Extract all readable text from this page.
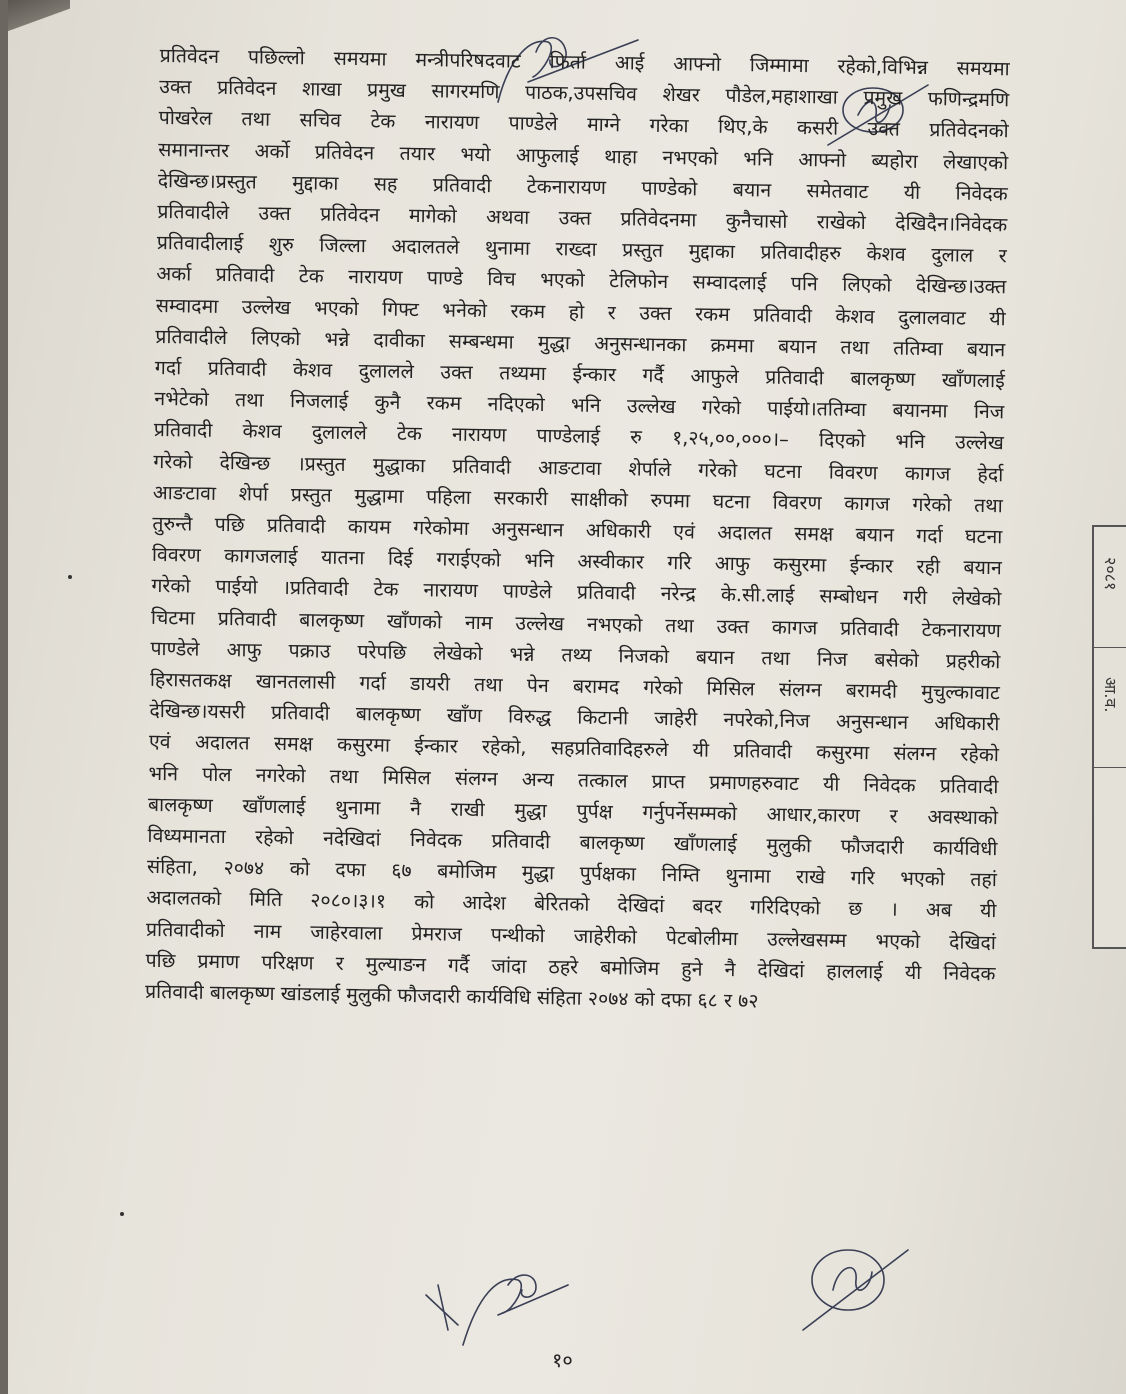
प्रतिवेदन पछिल्लो समयमा मन्त्रीपरिषदवाट फिर्ता आई आफ्नो जिम्मामा रहेको,विभिन्न समयमा
उक्त प्रतिवेदन शाखा प्रमुख सागरमणि पाठक,उपसचिव शेखर पौडेल,महाशाखा प्रमुख फणिन्द्रमणि
पोखरेल तथा सचिव टेक नारायण पाण्डेले माग्ने गरेका थिए,के कसरी उक्त प्रतिवेदनको
समानान्तर अर्को प्रतिवेदन तयार भयो आफुलाई थाहा नभएको भनि आफ्नो ब्यहोरा लेखाएको
देखिन्छ।प्रस्तुत मुद्दाका सह प्रतिवादी टेकनारायण पाण्डेको बयान समेतवाट यी निवेदक
प्रतिवादीले उक्त प्रतिवेदन मागेको अथवा उक्त प्रतिवेदनमा कुनैचासो राखेको देखिदैन।निवेदक
प्रतिवादीलाई शुरु जिल्ला अदालतले थुनामा राख्दा प्रस्तुत मुद्दाका प्रतिवादीहरु केशव दुलाल र
अर्का प्रतिवादी टेक नारायण पाण्डे विच भएको टेलिफोन सम्वादलाई पनि लिएको देखिन्छ।उक्त
सम्वादमा उल्लेख भएको गिफ्ट भनेको रकम हो र उक्त रकम प्रतिवादी केशव दुलालवाट यी
प्रतिवादीले लिएको भन्ने दावीका सम्बन्धमा मुद्धा अनुसन्धानका क्रममा बयान तथा ततिम्वा बयान
गर्दा प्रतिवादी केशव दुलालले उक्त तथ्यमा ईन्कार गर्दै आफुले प्रतिवादी बालकृष्ण खाँणलाई
नभेटेको तथा निजलाई कुनै रकम नदिएको भनि उल्लेख गरेको पाईयो।ततिम्वा बयानमा निज
प्रतिवादी केशव दुलालले टेक नारायण पाण्डेलाई रु १,२५,००,०००।– दिएको भनि उल्लेख
गरेको देखिन्छ ।प्रस्तुत मुद्धाका प्रतिवादी आङटावा शेर्पाले गरेको घटना विवरण कागज हेर्दा
आङटावा शेर्पा प्रस्तुत मुद्धामा पहिला सरकारी साक्षीको रुपमा घटना विवरण कागज गरेको तथा
तुरुन्तै पछि प्रतिवादी कायम गरेकोमा अनुसन्धान अधिकारी एवं अदालत समक्ष बयान गर्दा घटना
विवरण कागजलाई यातना दिई गराईएको भनि अस्वीकार गरि आफु कसुरमा ईन्कार रही बयान
गरेको पाईयो ।प्रतिवादी टेक नारायण पाण्डेले प्रतिवादी नरेन्द्र के.सी.लाई सम्बोधन गरी लेखेको
चिटमा प्रतिवादी बालकृष्ण खाँणको नाम उल्लेख नभएको तथा उक्त कागज प्रतिवादी टेकनारायण
पाण्डेले आफु पक्राउ परेपछि लेखेको भन्ने तथ्य निजको बयान तथा निज बसेको प्रहरीको
हिरासतकक्ष खानतलासी गर्दा डायरी तथा पेन बरामद गरेको मिसिल संलग्न बरामदी मुचुल्कावाट
देखिन्छ।यसरी प्रतिवादी बालकृष्ण खाँण विरुद्ध किटानी जाहेरी नपरेको,निज अनुसन्धान अधिकारी
एवं अदालत समक्ष कसुरमा ईन्कार रहेको, सहप्रतिवादिहरुले यी प्रतिवादी कसुरमा संलग्न रहेको
भनि पोल नगरेको तथा मिसिल संलग्न अन्य तत्काल प्राप्त प्रमाणहरुवाट यी निवेदक प्रतिवादी
बालकृष्ण खाँणलाई थुनामा नै राखी मुद्धा पुर्पक्ष गर्नुपर्नेसम्मको आधार,कारण र अवस्थाको
विध्यमानता रहेको नदेखिदां निवेदक प्रतिवादी बालकृष्ण खाँणलाई मुलुकी फौजदारी कार्यविधी
संहिता, २०७४ को दफा ६७ बमोजिम मुद्धा पुर्पक्षका निम्ति थुनामा राखे गरि भएको तहां
अदालतको मिति २०८०।३।१ को आदेश बेरितको देखिदां बदर गरिदिएको छ । अब यी
प्रतिवादीको नाम जाहेरवाला प्रेमराज पन्थीको जाहेरीको पेटबोलीमा उल्लेखसम्म भएको देखिदां
पछि प्रमाण परिक्षण र मुल्याङन गर्दै जांदा ठहरे बमोजिम हुने नै देखिदां हाललाई यी निवेदक
प्रतिवादी बालकृष्ण खांडलाई मुलुकी फौजदारी कार्यविधि संहिता २०७४ को दफा ६८ र ७२
१०
२०८१
आ.व.
